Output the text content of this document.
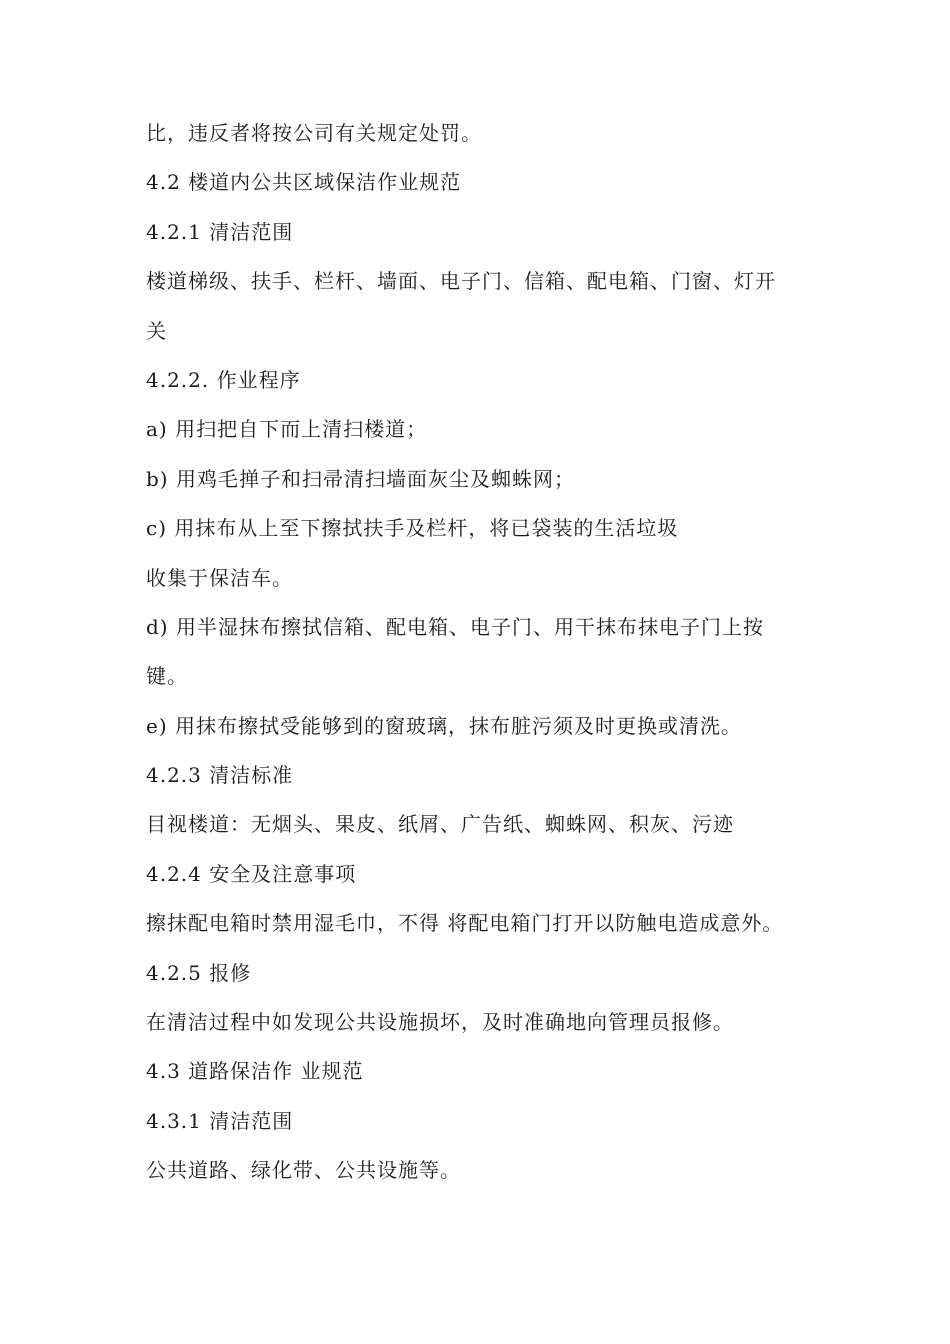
比，违反者将按公司有关规定处罚。
4.2 楼道内公共区域保洁作业规范
4.2.1 清洁范围
楼道梯级、扶手、栏杆、墙面、电子门、信箱、配电箱、门窗、灯开
关
4.2.2. 作业程序
a) 用扫把自下而上清扫楼道；
b) 用鸡毛掸子和扫帚清扫墙面灰尘及蜘蛛网；
c) 用抹布从上至下擦拭扶手及栏杆，将已袋装的生活垃圾
收集于保洁车。
d) 用半湿抹布擦拭信箱、配电箱、电子门、用干抹布抹电子门上按
键。
e) 用抹布擦拭受能够到的窗玻璃，抹布脏污须及时更换或清洗。
4.2.3 清洁标准
目视楼道：无烟头、果皮、纸屑、广告纸、蜘蛛网、积灰、污迹
4.2.4 安全及注意事项
擦抹配电箱时禁用湿毛巾，不得 将配电箱门打开以防触电造成意外。
4.2.5 报修
在清洁过程中如发现公共设施损坏，及时准确地向管理员报修。
4.3 道路保洁作 业规范
4.3.1 清洁范围
公共道路、绿化带、公共设施等。
